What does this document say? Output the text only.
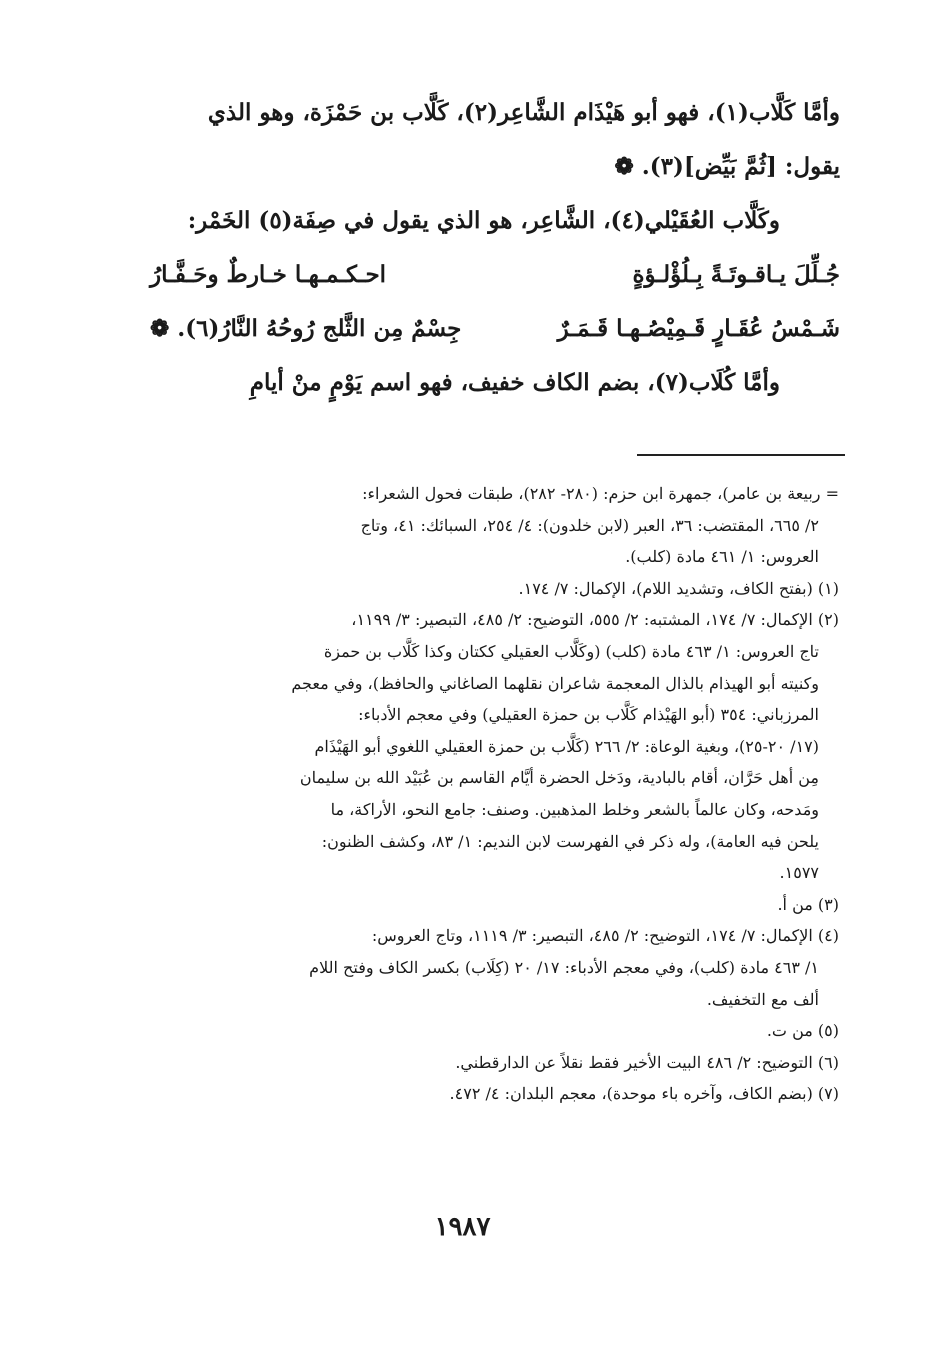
وأمَّا كَلَّاب(١)، فهو أبو هَيْذَام الشَّاعِر(٢)، كَلَّاب بن حَمْزَة، وهو الذي
يقول: [ثُمَّ بَيِّض](٣). ❁
وكَلَّاب العُقَيْلي(٤)، الشَّاعِر، هو الذي يقول في صِفَة(٥) الخَمْر:
جُـلِّلَ يـاقـوتَـةً بِـلُؤْلـؤةٍ
احـكـمـهـا خـارطٌ وحَـفَّـارُ
شَـمْسُ عُقَـارٍ قَـمِيْصُـهـا قَـمَـرٌ
جِسْمٌ مِن الثَّلج رُوحُهُ النَّارُ(٦). ❁
وأمَّا كُلَاب(٧)، بضم الكاف خفيف، فهو اسم يَوْمٍ منْ أيامِ
= ربيعة بن عامر)، جمهرة ابن حزم: (٢٨٠- ٢٨٢)، طبقات فحول الشعراء:
٢/ ٦٦٥، المقتضب: ٣٦، العبر (لابن خلدون): ٤/ ٢٥٤، السبائك: ٤١، وتاج
العروس: ١/ ٤٦١ مادة (كلب).
(١) (بفتح الكاف، وتشديد اللام)، الإكمال: ٧/ ١٧٤.
(٢) الإكمال: ٧/ ١٧٤، المشتبه: ٢/ ٥٥٥، التوضيح: ٢/ ٤٨٥، التبصير: ٣/ ١١٩٩،
تاج العروس: ١/ ٤٦٣ مادة (كلب) (وكَلَّاب العقيلي ككتان وكذا كَلَّاب بن حمزة
وكنيته أبو الهيذام بالذال المعجمة شاعران نقلهما الصاغاني والحافظ)، وفي معجم
المرزباني: ٣٥٤ (أبو الهَيْذام كَلَّاب بن حمزة العقيلي) وفي معجم الأدباء:
(١٧/ ٢٠-٢٥)، وبغية الوعاة: ٢/ ٢٦٦ (كَلَّاب بن حمزة العقيلي اللغوي أبو الهَيْذَام
مِن أهل حَرَّان، أقام بالبادية، ودَخل الحضرة أيَّام القاسم بن عُبَيْد الله بن سليمان
ومَدحه، وكان عالماً بالشعر وخلط المذهبين. وصنف: جامع النحو، الأراكة، ما
يلحن فيه العامة)، وله ذكر في الفهرست لابن النديم: ١/ ٨٣، وكشف الظنون:
١٥٧٧.
(٣) من أ.
(٤) الإكمال: ٧/ ١٧٤، التوضيح: ٢/ ٤٨٥، التبصير: ٣/ ١١١٩، وتاج العروس:
١/ ٤٦٣ مادة (كلب)، وفي معجم الأدباء: ١٧/ ٢٠ (كِلَاب) بكسر الكاف وفتح اللام
ألف مع التخفيف.
(٥) من ت.
(٦) التوضيح: ٢/ ٤٨٦ البيت الأخير فقط نقلاً عن الدارقطني.
(٧) (بضم الكاف، وآخره باء موحدة)، معجم البلدان: ٤/ ٤٧٢.
١٩٨٧
